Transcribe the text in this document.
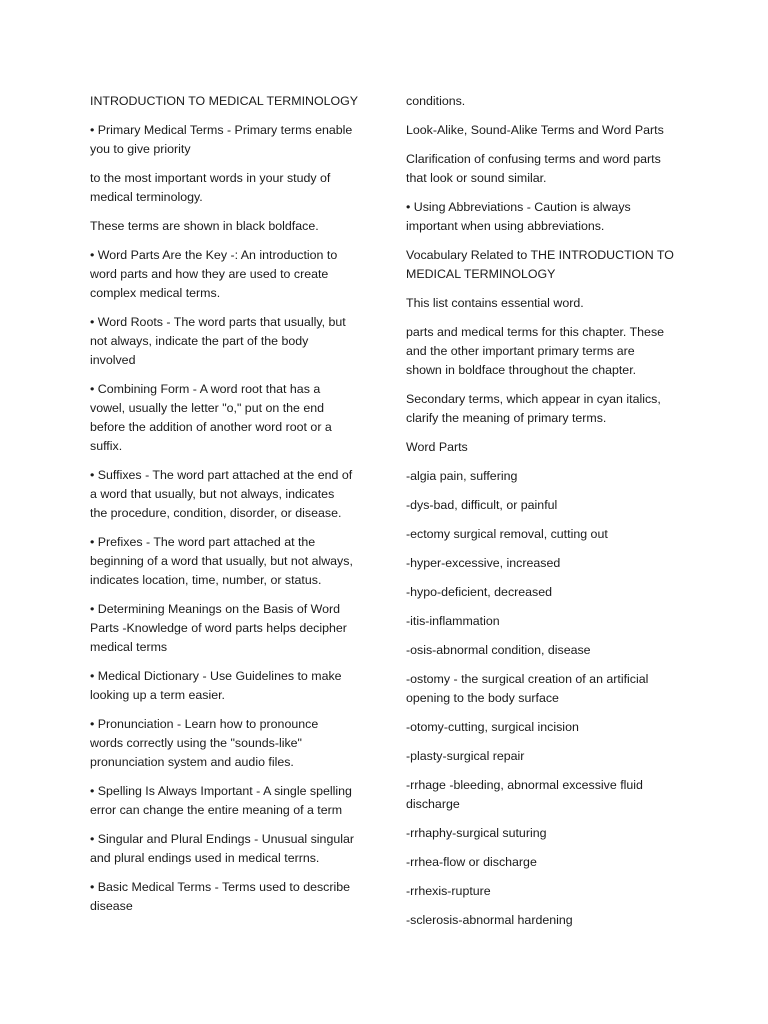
INTRODUCTION TO MEDICAL TERMINOLOGY

• Primary Medical Terms - Primary terms enable
you to give priority

to the most important words in your study of
medical terminology.

These terms are shown in black boldface.

• Word Parts Are the Key -: An introduction to
word parts and how they are used to create
complex medical terms.

• Word Roots - The word parts that usually, but
not always, indicate the part of the body
involved

• Combining Form - A word root that has a
vowel, usually the letter "o," put on the end
before the addition of another word root or a
suffix.

• Suffixes - The word part attached at the end of
a word that usually, but not always, indicates
the procedure, condition, disorder, or disease.

• Prefixes - The word part attached at the
beginning of a word that usually, but not always,
indicates location, time, number, or status.

• Determining Meanings on the Basis of Word
Parts -Knowledge of word parts helps decipher
medical terms

• Medical Dictionary - Use Guidelines to make
looking up a term easier.

• Pronunciation - Learn how to pronounce
words correctly using the "sounds-like"
pronunciation system and audio files.

• Spelling Is Always Important - A single spelling
error can change the entire meaning of a term

• Singular and Plural Endings - Unusual singular
and plural endings used in medical terrns.

• Basic Medical Terms - Terms used to describe
disease

conditions.

Look-Alike, Sound-Alike Terms and Word Parts

Clarification of confusing terms and word parts
that look or sound similar.

• Using Abbreviations - Caution is always
important when using abbreviations.

Vocabulary Related to THE INTRODUCTION TO
MEDICAL TERMINOLOGY

This list contains essential word.

parts and medical terms for this chapter. These
and the other important primary terms are
shown in boldface throughout the chapter.

Secondary terms, which appear in cyan italics,
clarify the meaning of primary terms.

Word Parts

-algia pain, suffering

-dys-bad, difficult, or painful

-ectomy surgical removal, cutting out

-hyper-excessive, increased

-hypo-deficient, decreased

-itis-inflammation

-osis-abnormal condition, disease

-ostomy - the surgical creation of an artificial
opening to the body surface

-otomy-cutting, surgical incision

-plasty-surgical repair

-rrhage -bleeding, abnormal excessive fluid
discharge

-rrhaphy-surgical suturing

-rrhea-flow or discharge

-rrhexis-rupture

-sclerosis-abnormal hardening
